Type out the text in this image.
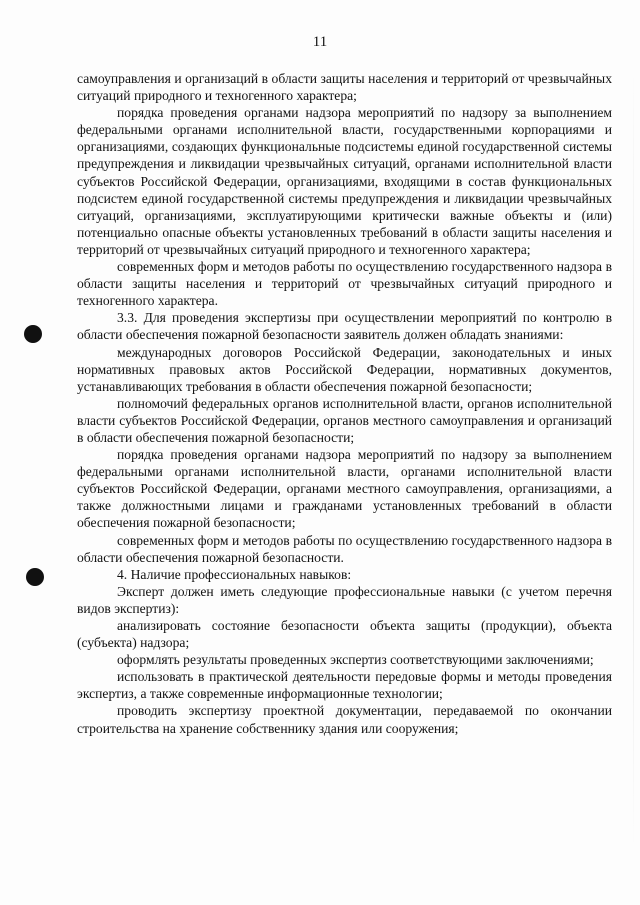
11

самоуправления и организаций в области защиты населения и территорий от чрезвычайных ситуаций природного и техногенного характера;

порядка проведения органами надзора мероприятий по надзору за выполнением федеральными органами исполнительной власти, государственными корпорациями и организациями, создающих функциональные подсистемы единой государственной системы предупреждения и ликвидации чрезвычайных ситуаций, органами исполнительной власти субъектов Российской Федерации, организациями, входящими в состав функциональных подсистем единой государственной системы предупреждения и ликвидации чрезвычайных ситуаций, организациями, эксплуатирующими критически важные объекты и (или) потенциально опасные объекты установленных требований в области защиты населения и территорий от чрезвычайных ситуаций природного и техногенного характера;

современных форм и методов работы по осуществлению государственного надзора в области защиты населения и территорий от чрезвычайных ситуаций природного и техногенного характера.

3.3. Для проведения экспертизы при осуществлении мероприятий по контролю в области обеспечения пожарной безопасности заявитель должен обладать знаниями:

международных договоров Российской Федерации, законодательных и иных нормативных правовых актов Российской Федерации, нормативных документов, устанавливающих требования в области обеспечения пожарной безопасности;

полномочий федеральных органов исполнительной власти, органов исполнительной власти субъектов Российской Федерации, органов местного самоуправления и организаций в области обеспечения пожарной безопасности;

порядка проведения органами надзора мероприятий по надзору за выполнением федеральными органами исполнительной власти, органами исполнительной власти субъектов Российской Федерации, органами местного самоуправления, организациями, а также должностными лицами и гражданами установленных требований в области обеспечения пожарной безопасности;

современных форм и методов работы по осуществлению государственного надзора в области обеспечения пожарной безопасности.

4. Наличие профессиональных навыков:

Эксперт должен иметь следующие профессиональные навыки (с учетом перечня видов экспертиз):

анализировать состояние безопасности объекта защиты (продукции), объекта (субъекта) надзора;

оформлять результаты проведенных экспертиз соответствующими заключениями;

использовать в практической деятельности передовые формы и методы проведения экспертиз, а также современные информационные технологии;

проводить экспертизу проектной документации, передаваемой по окончании строительства на хранение собственнику здания или сооружения;
